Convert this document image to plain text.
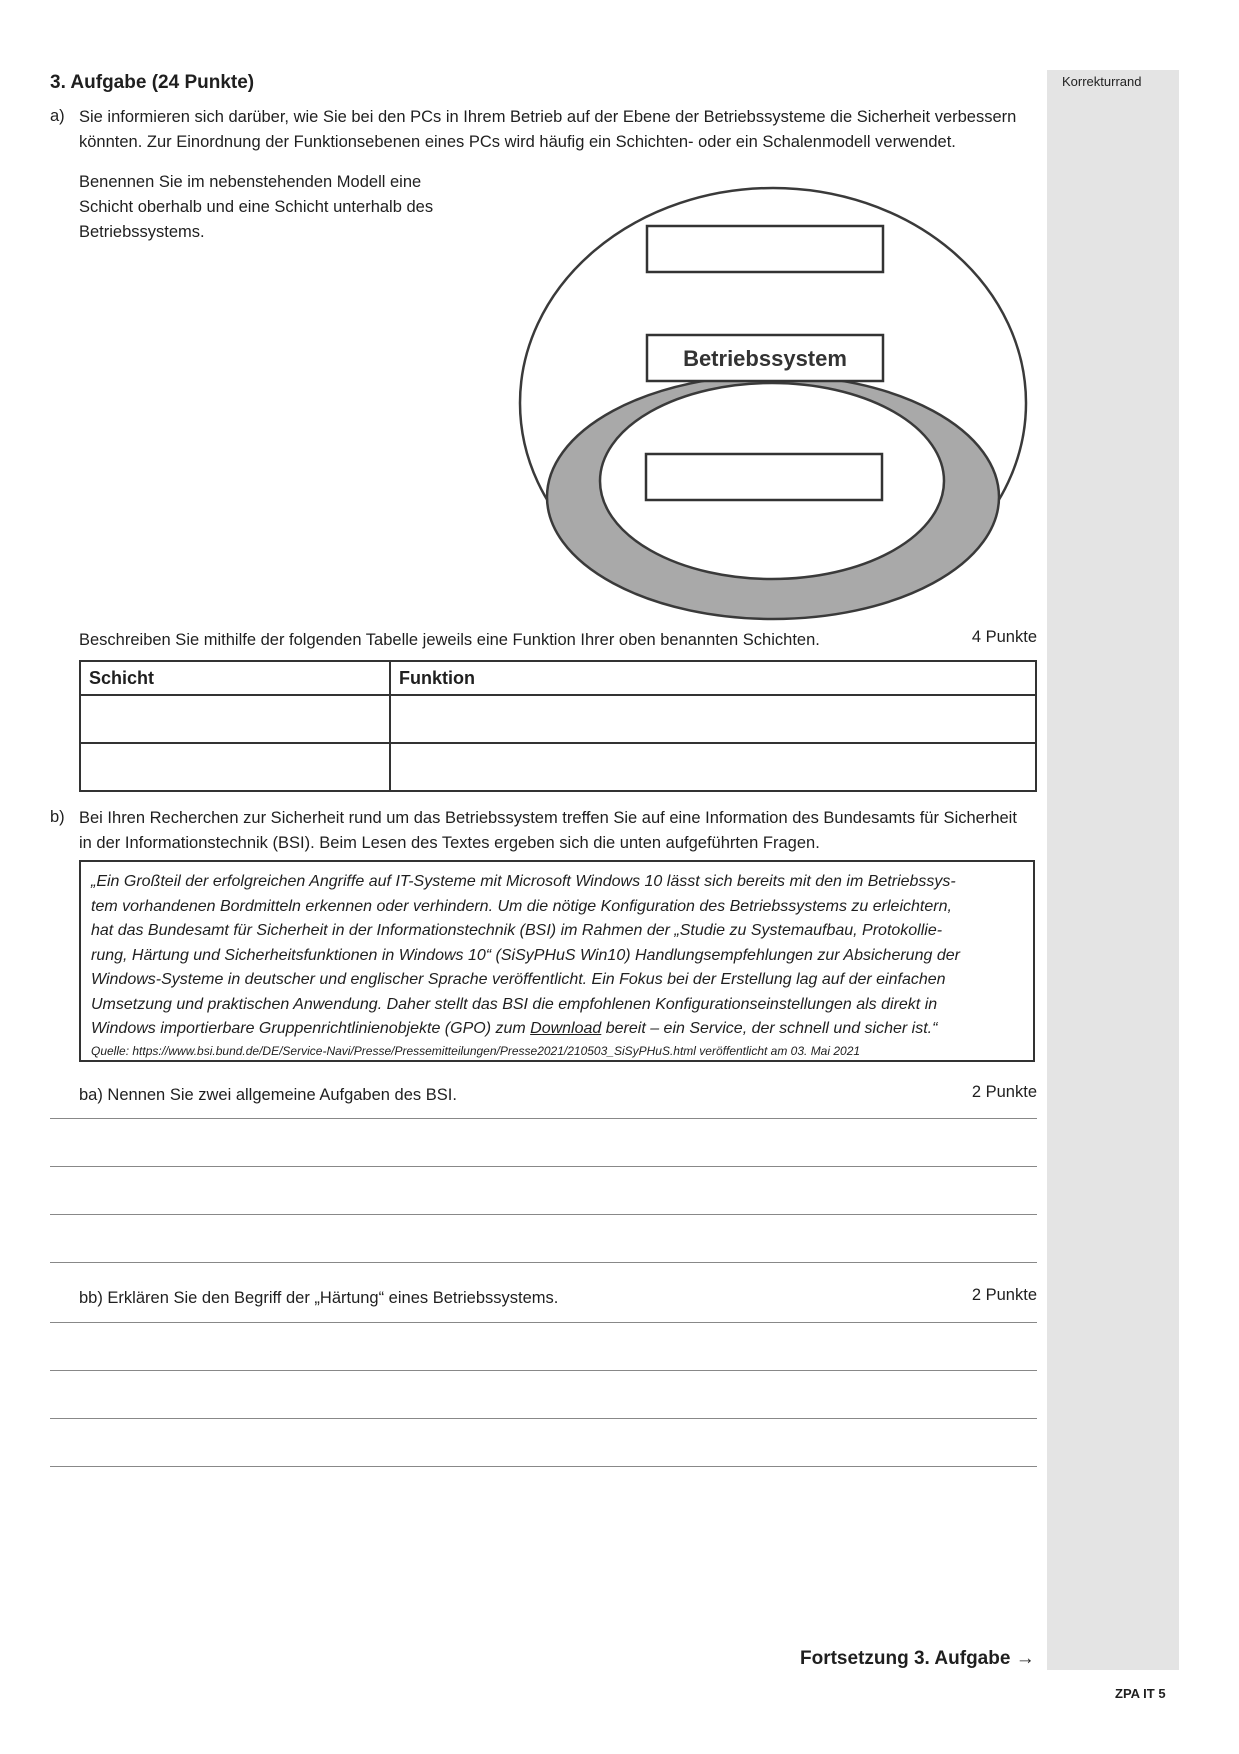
Korrekturrand
3. Aufgabe (24 Punkte)
a) Sie informieren sich darüber, wie Sie bei den PCs in Ihrem Betrieb auf der Ebene der Betriebssysteme die Sicherheit verbessern
könnten. Zur Einordnung der Funktionsebenen eines PCs wird häufig ein Schichten- oder ein Schalenmodell verwendet.
Benennen Sie im nebenstehenden Modell eine
Schicht oberhalb und eine Schicht unterhalb des
Betriebssystems.
Betriebssystem
Beschreiben Sie mithilfe der folgenden Tabelle jeweils eine Funktion Ihrer oben benannten Schichten.	4 Punkte
Schicht	Funktion

b) Bei Ihren Recherchen zur Sicherheit rund um das Betriebssystem treffen Sie auf eine Information des Bundesamts für Sicherheit
in der Informationstechnik (BSI). Beim Lesen des Textes ergeben sich die unten aufgeführten Fragen.
„Ein Großteil der erfolgreichen Angriffe auf IT-Systeme mit Microsoft Windows 10 lässt sich bereits mit den im Betriebssys-
tem vorhandenen Bordmitteln erkennen oder verhindern. Um die nötige Konfiguration des Betriebssystems zu erleichtern,
hat das Bundesamt für Sicherheit in der Informationstechnik (BSI) im Rahmen der „Studie zu Systemaufbau, Protokollie-
rung, Härtung und Sicherheitsfunktionen in Windows 10“ (SiSyPHuS Win10) Handlungsempfehlungen zur Absicherung der
Windows-Systeme in deutscher und englischer Sprache veröffentlicht. Ein Fokus bei der Erstellung lag auf der einfachen
Umsetzung und praktischen Anwendung. Daher stellt das BSI die empfohlenen Konfigurationseinstellungen als direkt in
Windows importierbare Gruppenrichtlinienobjekte (GPO) zum Download bereit – ein Service, der schnell und sicher ist.“
Quelle: https://www.bsi.bund.de/DE/Service-Navi/Presse/Pressemitteilungen/Presse2021/210503_SiSyPHuS.html veröffentlicht am 03. Mai 2021
ba) Nennen Sie zwei allgemeine Aufgaben des BSI.	2 Punkte
bb) Erklären Sie den Begriff der „Härtung“ eines Betriebssystems.	2 Punkte
Fortsetzung 3. Aufgabe →
ZPA IT 5
